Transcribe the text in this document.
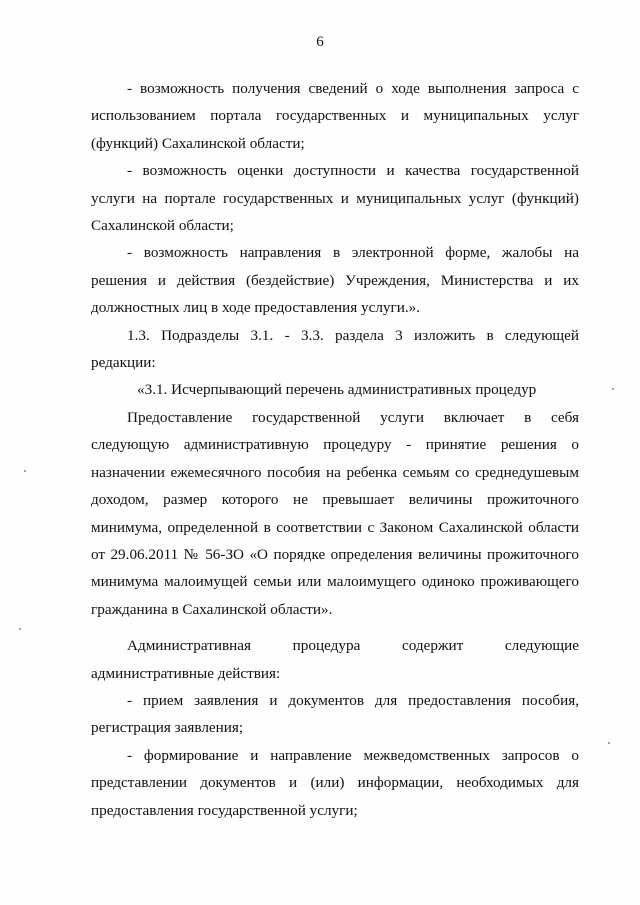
6

- возможность получения сведений о ходе выполнения запроса с использованием портала государственных и муниципальных услуг (функций) Сахалинской области;

- возможность оценки доступности и качества государственной услуги на портале государственных и муниципальных услуг (функций) Сахалинской области;

- возможность направления в электронной форме, жалобы на решения и действия (бездействие) Учреждения, Министерства и их должностных лиц в ходе предоставления услуги.».

1.3. Подразделы 3.1. - 3.3. раздела 3 изложить в следующей редакции:

«3.1. Исчерпывающий перечень административных процедур

Предоставление государственной услуги включает в себя следующую административную процедуру - принятие решения о назначении ежемесячного пособия на ребенка семьям со среднедушевым доходом, размер которого не превышает величины прожиточного минимума, определенной в соответствии с Законом Сахалинской области от 29.06.2011 № 56-ЗО «О порядке определения величины прожиточного минимума малоимущей семьи или малоимущего одиноко проживающего гражданина в Сахалинской области».

Административная процедура содержит следующие административные действия:

- прием заявления и документов для предоставления пособия, регистрация заявления;

- формирование и направление межведомственных запросов о представлении документов и (или) информации, необходимых для предоставления государственной услуги;
